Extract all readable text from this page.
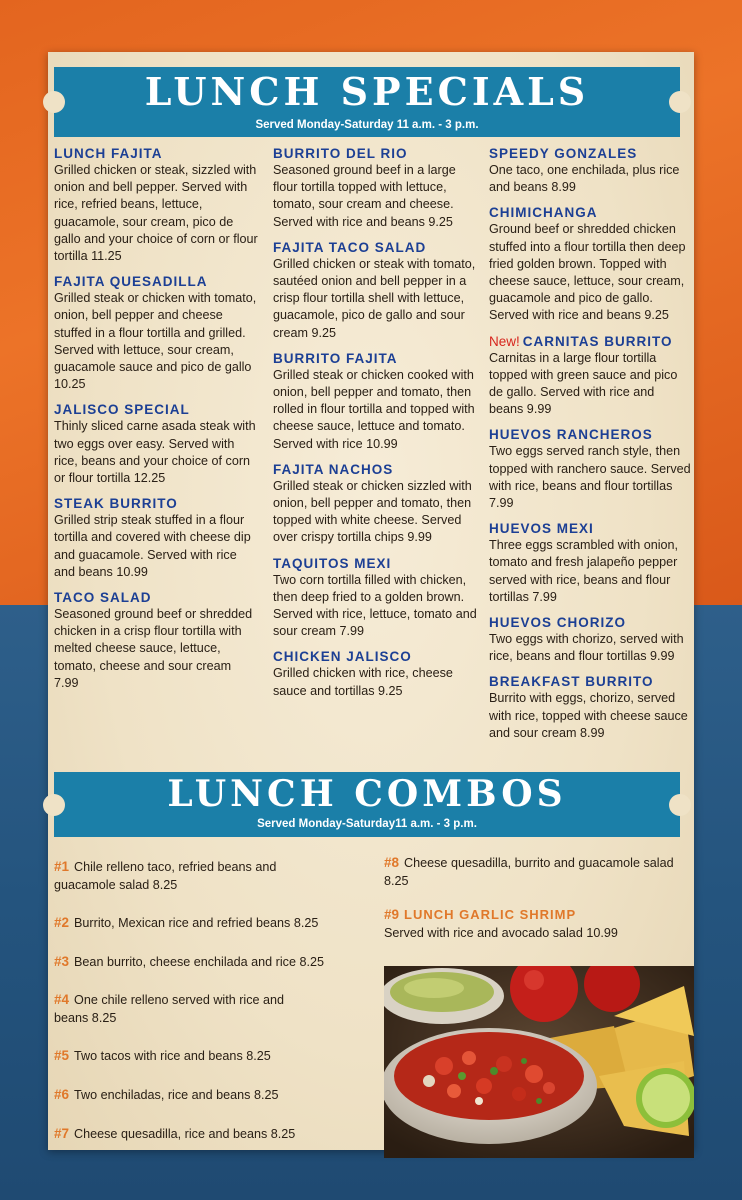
LUNCH SPECIALS
Served Monday-Saturday 11 a.m. - 3 p.m.
LUNCH FAJITA
Grilled chicken or steak, sizzled with onion and bell pepper. Served with rice, refried beans, lettuce, guacamole, sour cream, pico de gallo and your choice of corn or flour tortilla 11.25
FAJITA QUESADILLA
Grilled steak or chicken with tomato, onion, bell pepper and cheese stuffed in a flour tortilla and grilled. Served with lettuce, sour cream, guacamole sauce and pico de gallo 10.25
JALISCO SPECIAL
Thinly sliced carne asada steak with two eggs over easy. Served with rice, beans and your choice of corn or flour tortilla 12.25
STEAK BURRITO
Grilled strip steak stuffed in a flour tortilla and covered with cheese dip and guacamole. Served with rice and beans 10.99
TACO SALAD
Seasoned ground beef or shredded chicken in a crisp flour tortilla with melted cheese sauce, lettuce, tomato, cheese and sour cream 7.99
BURRITO DEL RIO
Seasoned ground beef in a large flour tortilla topped with lettuce, tomato, sour cream and cheese. Served with rice and beans 9.25
FAJITA TACO SALAD
Grilled chicken or steak with tomato, sautéed onion and bell pepper in a crisp flour tortilla shell with lettuce, guacamole, pico de gallo and sour cream 9.25
BURRITO FAJITA
Grilled steak or chicken cooked with onion, bell pepper and tomato, then rolled in flour tortilla and topped with cheese sauce, lettuce and tomato. Served with rice 10.99
FAJITA NACHOS
Grilled steak or chicken sizzled with onion, bell pepper and tomato, then topped with white cheese. Served over crispy tortilla chips 9.99
TAQUITOS MEXI
Two corn tortilla filled with chicken, then deep fried to a golden brown. Served with rice, lettuce, tomato and sour cream 7.99
CHICKEN JALISCO
Grilled chicken with rice, cheese sauce and tortillas 9.25
SPEEDY GONZALES
One taco, one enchilada, plus rice and beans 8.99
CHIMICHANGA
Ground beef or shredded chicken stuffed into a flour tortilla then deep fried golden brown. Topped with cheese sauce, lettuce, sour cream, guacamole and pico de gallo. Served with rice and beans 9.25
New! CARNITAS BURRITO
Carnitas in a large flour tortilla topped with green sauce and pico de gallo. Served with rice and beans 9.99
HUEVOS RANCHEROS
Two eggs served ranch style, then topped with ranchero sauce. Served with rice, beans and flour tortillas 7.99
HUEVOS MEXI
Three eggs scrambled with onion, tomato and fresh jalapeño pepper served with rice, beans and flour tortillas 7.99
HUEVOS CHORIZO
Two eggs with chorizo, served with rice, beans and flour tortillas 9.99
BREAKFAST BURRITO
Burrito with eggs, chorizo, served with rice, topped with cheese sauce and sour cream 8.99
LUNCH COMBOS
Served Monday-Saturday11 a.m. - 3 p.m.
#1 Chile relleno taco, refried beans and guacamole salad 8.25
#2 Burrito, Mexican rice and refried beans 8.25
#3 Bean burrito, cheese enchilada and rice 8.25
#4 One chile relleno served with rice and beans 8.25
#5 Two tacos with rice and beans 8.25
#6 Two enchiladas, rice and beans 8.25
#7 Cheese quesadilla, rice and beans 8.25
#8 Cheese quesadilla, burrito and guacamole salad 8.25
#9 LUNCH GARLIC SHRIMP
Served with rice and avocado salad 10.99
